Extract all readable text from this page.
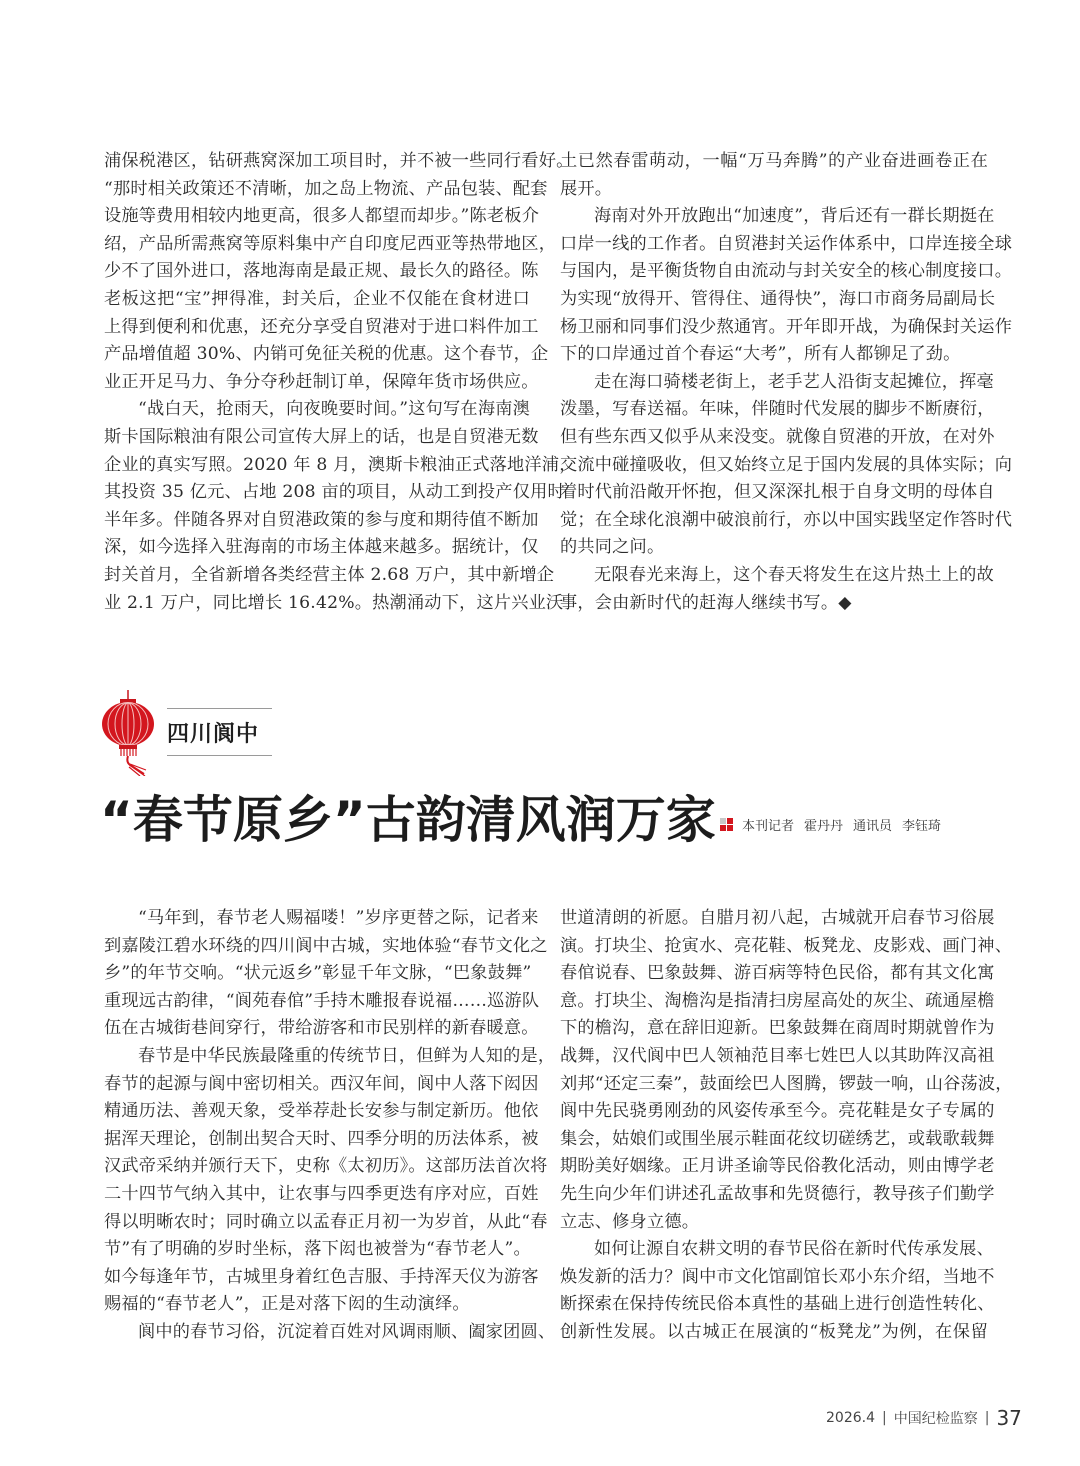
浦保税港区，钻研燕窝深加工项目时，并不被一些同行看好。
“那时相关政策还不清晰，加之岛上物流、产品包装、配套
设施等费用相较内地更高，很多人都望而却步。”陈老板介
绍，产品所需燕窝等原料集中产自印度尼西亚等热带地区，
少不了国外进口，落地海南是最正规、最长久的路径。陈
老板这把“宝”押得准，封关后，企业不仅能在食材进口
上得到便利和优惠，还充分享受自贸港对于进口料件加工
产品增值超 30%、内销可免征关税的优惠。这个春节，企
业正开足马力、争分夺秒赶制订单，保障年货市场供应。
“战白天，抢雨天，向夜晚要时间。”这句写在海南澳
斯卡国际粮油有限公司宣传大屏上的话，也是自贸港无数
企业的真实写照。2020 年 8 月，澳斯卡粮油正式落地洋浦，
其投资 35 亿元、占地 208 亩的项目，从动工到投产仅用时
半年多。伴随各界对自贸港政策的参与度和期待值不断加
深，如今选择入驻海南的市场主体越来越多。据统计，仅
封关首月，全省新增各类经营主体 2.68 万户，其中新增企
业 2.1 万户，同比增长 16.42%。热潮涌动下，这片兴业沃
土已然春雷萌动，一幅“万马奔腾”的产业奋进画卷正在
展开。
海南对外开放跑出“加速度”，背后还有一群长期挺在
口岸一线的工作者。自贸港封关运作体系中，口岸连接全球
与国内，是平衡货物自由流动与封关安全的核心制度接口。
为实现“放得开、管得住、通得快”，海口市商务局副局长
杨卫丽和同事们没少熬通宵。开年即开战，为确保封关运作
下的口岸通过首个春运“大考”，所有人都铆足了劲。
走在海口骑楼老街上，老手艺人沿街支起摊位，挥毫
泼墨，写春送福。年味，伴随时代发展的脚步不断赓衍，
但有些东西又似乎从来没变。就像自贸港的开放，在对外
交流中碰撞吸收，但又始终立足于国内发展的具体实际；向
着时代前沿敞开怀抱，但又深深扎根于自身文明的母体自
觉；在全球化浪潮中破浪前行，亦以中国实践坚定作答时代
的共同之问。
无限春光来海上，这个春天将发生在这片热土上的故
事，会由新时代的赶海人继续书写。◆
四川阆中
“春节原乡”古韵清风润万家 本刊记者 霍丹丹 通讯员 李钰琦
“马年到，春节老人赐福喽！”岁序更替之际，记者来
到嘉陵江碧水环绕的四川阆中古城，实地体验“春节文化之
乡”的年节交响。“状元返乡”彰显千年文脉，“巴象鼓舞”
重现远古韵律，“阆苑春倌”手持木雕报春说福……巡游队
伍在古城街巷间穿行，带给游客和市民别样的新春暖意。
春节是中华民族最隆重的传统节日，但鲜为人知的是，
春节的起源与阆中密切相关。西汉年间，阆中人落下闳因
精通历法、善观天象，受举荐赴长安参与制定新历。他依
据浑天理论，创制出契合天时、四季分明的历法体系，被
汉武帝采纳并颁行天下，史称《太初历》。这部历法首次将
二十四节气纳入其中，让农事与四季更迭有序对应，百姓
得以明晰农时；同时确立以孟春正月初一为岁首，从此“春
节”有了明确的岁时坐标，落下闳也被誉为“春节老人”。
如今每逢年节，古城里身着红色吉服、手持浑天仪为游客
赐福的“春节老人”，正是对落下闳的生动演绎。
阆中的春节习俗，沉淀着百姓对风调雨顺、阖家团圆、
世道清朗的祈愿。自腊月初八起，古城就开启春节习俗展
演。打块尘、抢寅水、亮花鞋、板凳龙、皮影戏、画门神、
春倌说春、巴象鼓舞、游百病等特色民俗，都有其文化寓
意。打块尘、淘檐沟是指清扫房屋高处的灰尘、疏通屋檐
下的檐沟，意在辞旧迎新。巴象鼓舞在商周时期就曾作为
战舞，汉代阆中巴人领袖范目率七姓巴人以其助阵汉高祖
刘邦“还定三秦”，鼓面绘巴人图腾，锣鼓一响，山谷荡波，
阆中先民骁勇刚劲的风姿传承至今。亮花鞋是女子专属的
集会，姑娘们或围坐展示鞋面花纹切磋绣艺，或载歌载舞
期盼美好姻缘。正月讲圣谕等民俗教化活动，则由博学老
先生向少年们讲述孔孟故事和先贤德行，教导孩子们勤学
立志、修身立德。
如何让源自农耕文明的春节民俗在新时代传承发展、
焕发新的活力？阆中市文化馆副馆长邓小东介绍，当地不
断探索在保持传统民俗本真性的基础上进行创造性转化、
创新性发展。以古城正在展演的“板凳龙”为例，在保留
2026.4 | 中国纪检监察 | 37
